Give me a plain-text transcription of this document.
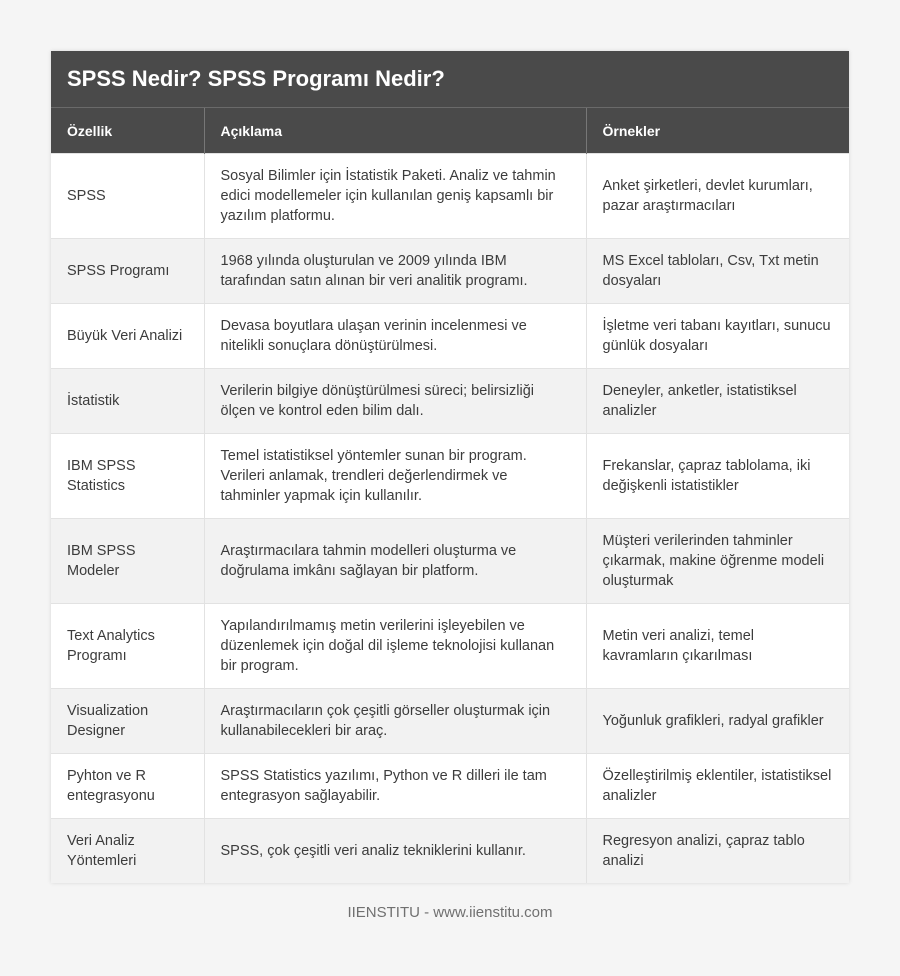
SPSS Nedir? SPSS Programı Nedir?
Özellik	Açıklama	Örnekler
SPSS	Sosyal Bilimler için İstatistik Paketi. Analiz ve tahmin edici modellemeler için kullanılan geniş kapsamlı bir yazılım platformu.	Anket şirketleri, devlet kurumları, pazar araştırmacıları
SPSS Programı	1968 yılında oluşturulan ve 2009 yılında IBM tarafından satın alınan bir veri analitik programı.	MS Excel tabloları, Csv, Txt metin dosyaları
Büyük Veri Analizi	Devasa boyutlara ulaşan verinin incelenmesi ve nitelikli sonuçlara dönüştürülmesi.	İşletme veri tabanı kayıtları, sunucu günlük dosyaları
İstatistik	Verilerin bilgiye dönüştürülmesi süreci; belirsizliği ölçen ve kontrol eden bilim dalı.	Deneyler, anketler, istatistiksel analizler
IBM SPSS Statistics	Temel istatistiksel yöntemler sunan bir program. Verileri anlamak, trendleri değerlendirmek ve tahminler yapmak için kullanılır.	Frekanslar, çapraz tablolama, iki değişkenli istatistikler
IBM SPSS Modeler	Araştırmacılara tahmin modelleri oluşturma ve doğrulama imkânı sağlayan bir platform.	Müşteri verilerinden tahminler çıkarmak, makine öğrenme modeli oluşturmak
Text Analytics Programı	Yapılandırılmamış metin verilerini işleyebilen ve düzenlemek için doğal dil işleme teknolojisi kullanan bir program.	Metin veri analizi, temel kavramların çıkarılması
Visualization Designer	Araştırmacıların çok çeşitli görseller oluşturmak için kullanabilecekleri bir araç.	Yoğunluk grafikleri, radyal grafikler
Pyhton ve R entegrasyonu	SPSS Statistics yazılımı, Python ve R dilleri ile tam entegrasyon sağlayabilir.	Özelleştirilmiş eklentiler, istatistiksel analizler
Veri Analiz Yöntemleri	SPSS, çok çeşitli veri analiz tekniklerini kullanır.	Regresyon analizi, çapraz tablo analizi
IIENSTITU - www.iienstitu.com
